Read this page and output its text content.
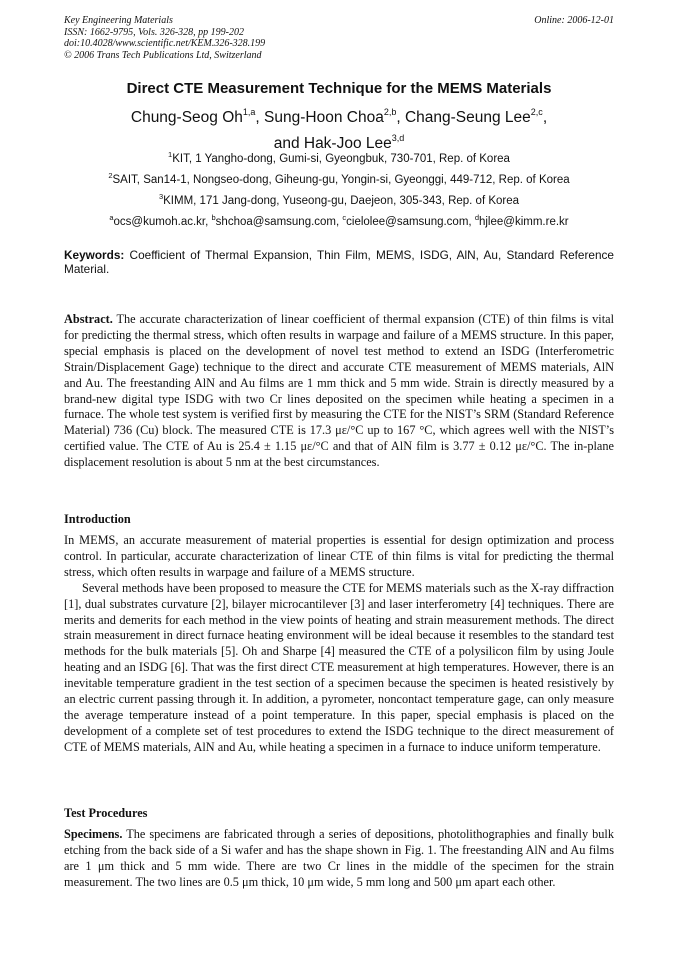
Key Engineering Materials
ISSN: 1662-9795, Vols. 326-328, pp 199-202
doi:10.4028/www.scientific.net/KEM.326-328.199
© 2006 Trans Tech Publications Ltd, Switzerland
Online: 2006-12-01
Direct CTE Measurement Technique for the MEMS Materials
Chung-Seog Oh$^{1,a}$, Sung-Hoon Choa$^{2,b}$, Chang-Seung Lee$^{2,c}$,
and Hak-Joo Lee$^{3,d}$
$^1$KIT, 1 Yangho-dong, Gumi-si, Gyeongbuk, 730-701, Rep. of Korea
$^2$SAIT, San14-1, Nongseo-dong, Giheung-gu, Yongin-si, Gyeonggi, 449-712, Rep. of Korea
$^3$KIMM, 171 Jang-dong, Yuseong-gu, Daejeon, 305-343, Rep. of Korea
$^a$ocs@kumoh.ac.kr, $^b$shchoa@samsung.com, $^c$cielolee@samsung.com, $^d$hjlee@kimm.re.kr
Keywords: Coefficient of Thermal Expansion, Thin Film, MEMS, ISDG, AlN, Au, Standard Reference Material.
Abstract. The accurate characterization of linear coefficient of thermal expansion (CTE) of thin films is vital for predicting the thermal stress, which often results in warpage and failure of a MEMS structure. In this paper, special emphasis is placed on the development of novel test method to extend an ISDG (Interferometric Strain/Displacement Gage) technique to the direct and accurate CTE measurement of MEMS materials, AlN and Au. The freestanding AlN and Au films are 1 mm thick and 5 mm wide. Strain is directly measured by a brand-new digital type ISDG with two Cr lines deposited on the specimen while heating a specimen in a furnace. The whole test system is verified first by measuring the CTE for the NIST’s SRM (Standard Reference Material) 736 (Cu) block. The measured CTE is 17.3 με/°C up to 167 °C, which agrees well with the NIST’s certified value. The CTE of Au is 25.4 ± 1.15 με/°C and that of AlN film is 3.77 ± 0.12 με/°C. The in-plane displacement resolution is about 5 nm at the best circumstances.
Introduction
In MEMS, an accurate measurement of material properties is essential for design optimization and process control. In particular, accurate characterization of linear CTE of thin films is vital for predicting the thermal stress, which often results in warpage and failure of a MEMS structure.
Several methods have been proposed to measure the CTE for MEMS materials such as the X-ray diffraction [1], dual substrates curvature [2], bilayer microcantilever [3] and laser interferometry [4] techniques. There are merits and demerits for each method in the view points of heating and strain measurement methods. The direct strain measurement in direct furnace heating environment will be ideal because it resembles to the standard test methods for the bulk materials [5]. Oh and Sharpe [4] measured the CTE of a polysilicon film by using Joule heating and an ISDG [6]. That was the first direct CTE measurement at high temperatures. However, there is an inevitable temperature gradient in the test section of a specimen because the specimen is heated resistively by an electric current passing through it. In addition, a pyrometer, noncontact temperature gage, can only measure the average temperature instead of a point temperature. In this paper, special emphasis is placed on the development of a complete set of test procedures to extend the ISDG technique to the direct measurement of CTE of MEMS materials, AlN and Au, while heating a specimen in a furnace to induce uniform temperature.
Test Procedures
Specimens. The specimens are fabricated through a series of depositions, photolithographies and finally bulk etching from the back side of a Si wafer and has the shape shown in Fig. 1. The freestanding AlN and Au films are 1 μm thick and 5 mm wide. There are two Cr lines in the middle of the specimen for the strain measurement. The two lines are 0.5 μm thick, 10 μm wide, 5 mm long and 500 μm apart each other.
